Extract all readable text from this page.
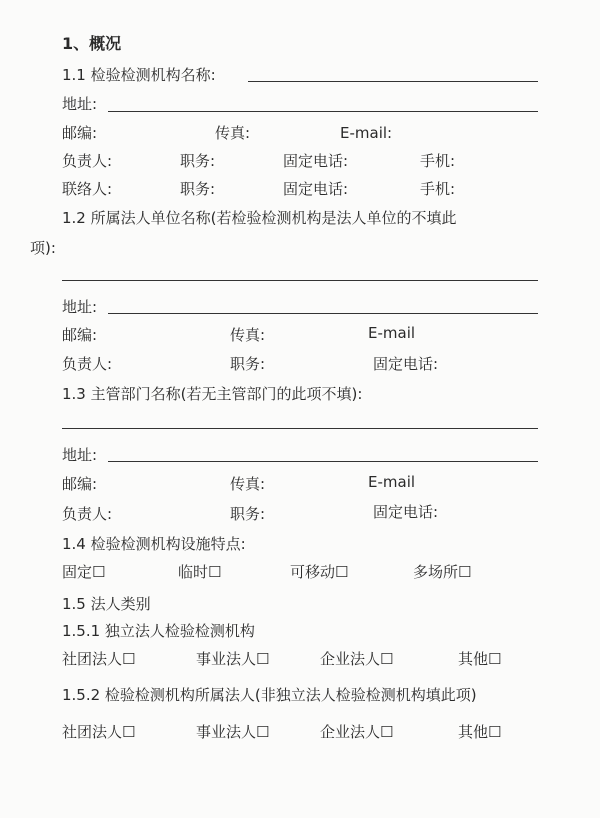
1、概况
1.1 检验检测机构名称:
地址:
邮编:	传真:	E-mail:
负责人:	职务:	固定电话:	手机:
联络人:	职务:	固定电话:	手机:
1.2 所属法人单位名称(若检验检测机构是法人单位的不填此
项):
地址:
邮编:	传真:	E-mail
负责人:	职务:	固定电话:
1.3 主管部门名称(若无主管部门的此项不填):
地址:
邮编:	传真:	E-mail
负责人:	职务:	固定电话:
1.4 检验检测机构设施特点:
固定☐	临时☐	可移动☐	多场所☐
1.5 法人类别
1.5.1 独立法人检验检测机构
社团法人☐	事业法人☐	企业法人☐	其他☐
1.5.2 检验检测机构所属法人(非独立法人检验检测机构填此项)
社团法人☐	事业法人☐	企业法人☐	其他☐
